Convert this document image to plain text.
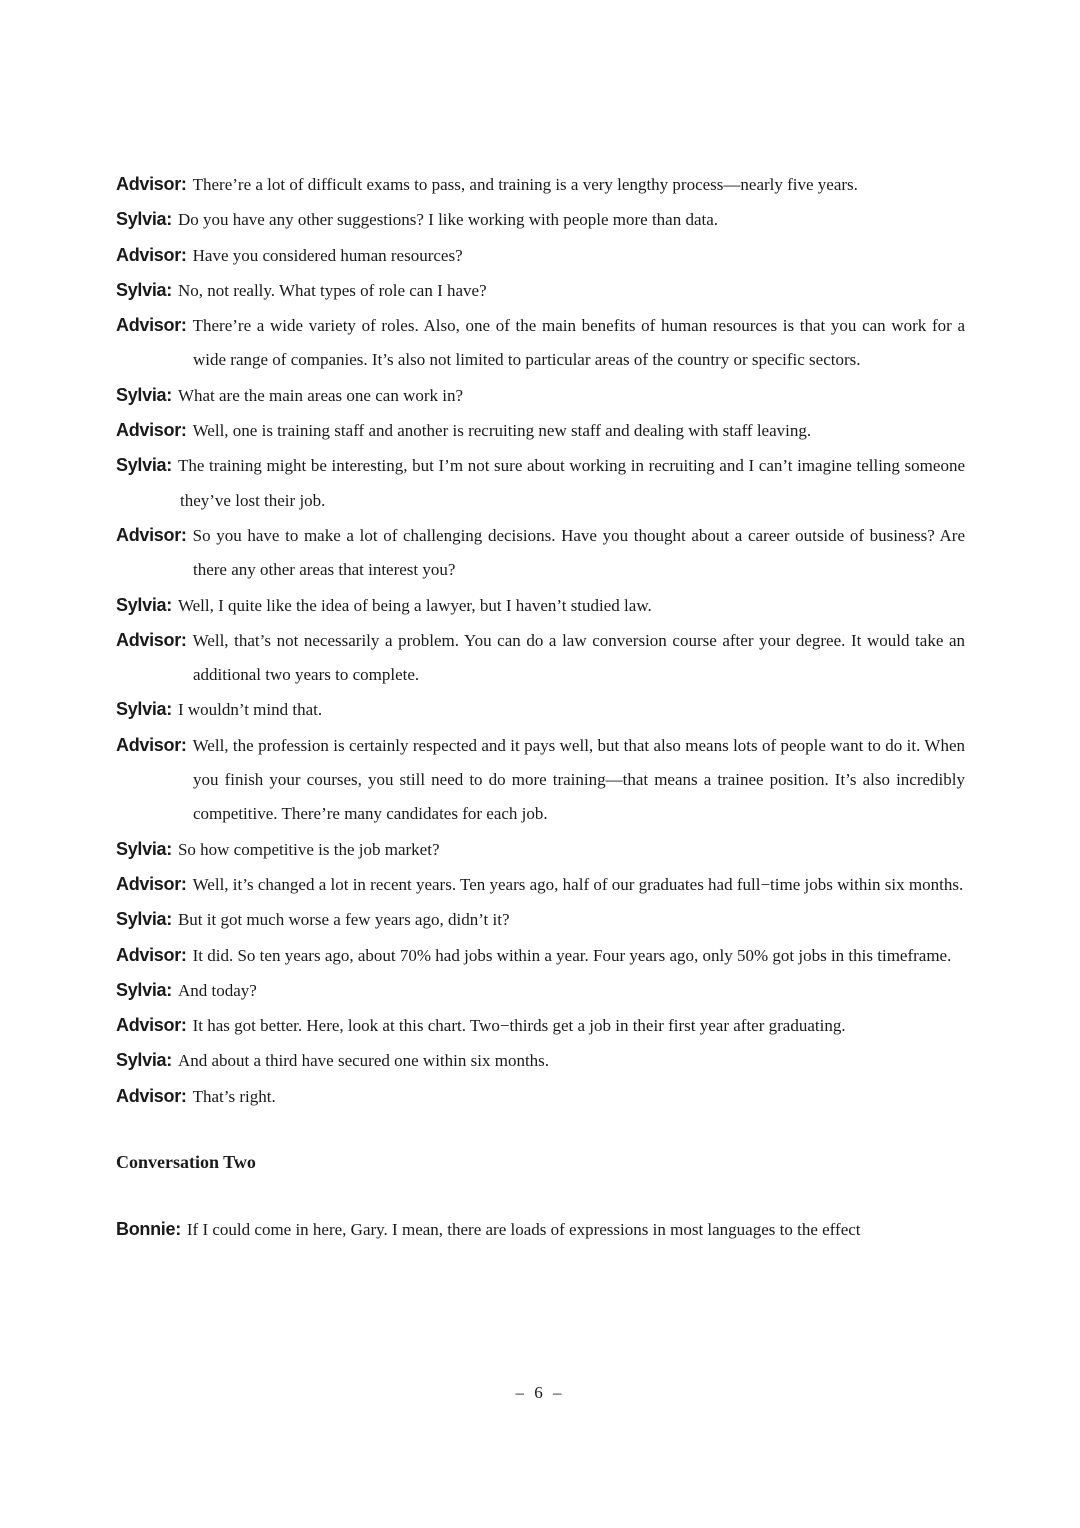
Advisor: There’re a lot of difficult exams to pass, and training is a very lengthy process—nearly five years.

Sylvia: Do you have any other suggestions? I like working with people more than data.

Advisor: Have you considered human resources?

Sylvia: No, not really. What types of role can I have?

Advisor: There’re a wide variety of roles. Also, one of the main benefits of human resources is that you can work for a wide range of companies. It’s also not limited to particular areas of the country or specific sectors.

Sylvia: What are the main areas one can work in?

Advisor: Well, one is training staff and another is recruiting new staff and dealing with staff leaving.

Sylvia: The training might be interesting, but I’m not sure about working in recruiting and I can’t imagine telling someone they’ve lost their job.

Advisor: So you have to make a lot of challenging decisions. Have you thought about a career outside of business? Are there any other areas that interest you?

Sylvia: Well, I quite like the idea of being a lawyer, but I haven’t studied law.

Advisor: Well, that’s not necessarily a problem. You can do a law conversion course after your degree. It would take an additional two years to complete.

Sylvia: I wouldn’t mind that.

Advisor: Well, the profession is certainly respected and it pays well, but that also means lots of people want to do it. When you finish your courses, you still need to do more training—that means a trainee position. It’s also incredibly competitive. There’re many candidates for each job.

Sylvia: So how competitive is the job market?

Advisor: Well, it’s changed a lot in recent years. Ten years ago, half of our graduates had full−time jobs within six months.

Sylvia: But it got much worse a few years ago, didn’t it?

Advisor: It did. So ten years ago, about 70% had jobs within a year. Four years ago, only 50% got jobs in this timeframe.

Sylvia: And today?

Advisor: It has got better. Here, look at this chart. Two−thirds get a job in their first year after graduating.

Sylvia: And about a third have secured one within six months.

Advisor: That’s right.

Conversation Two

Bonnie: If I could come in here, Gary. I mean, there are loads of expressions in most languages to the effect

– 6 –
